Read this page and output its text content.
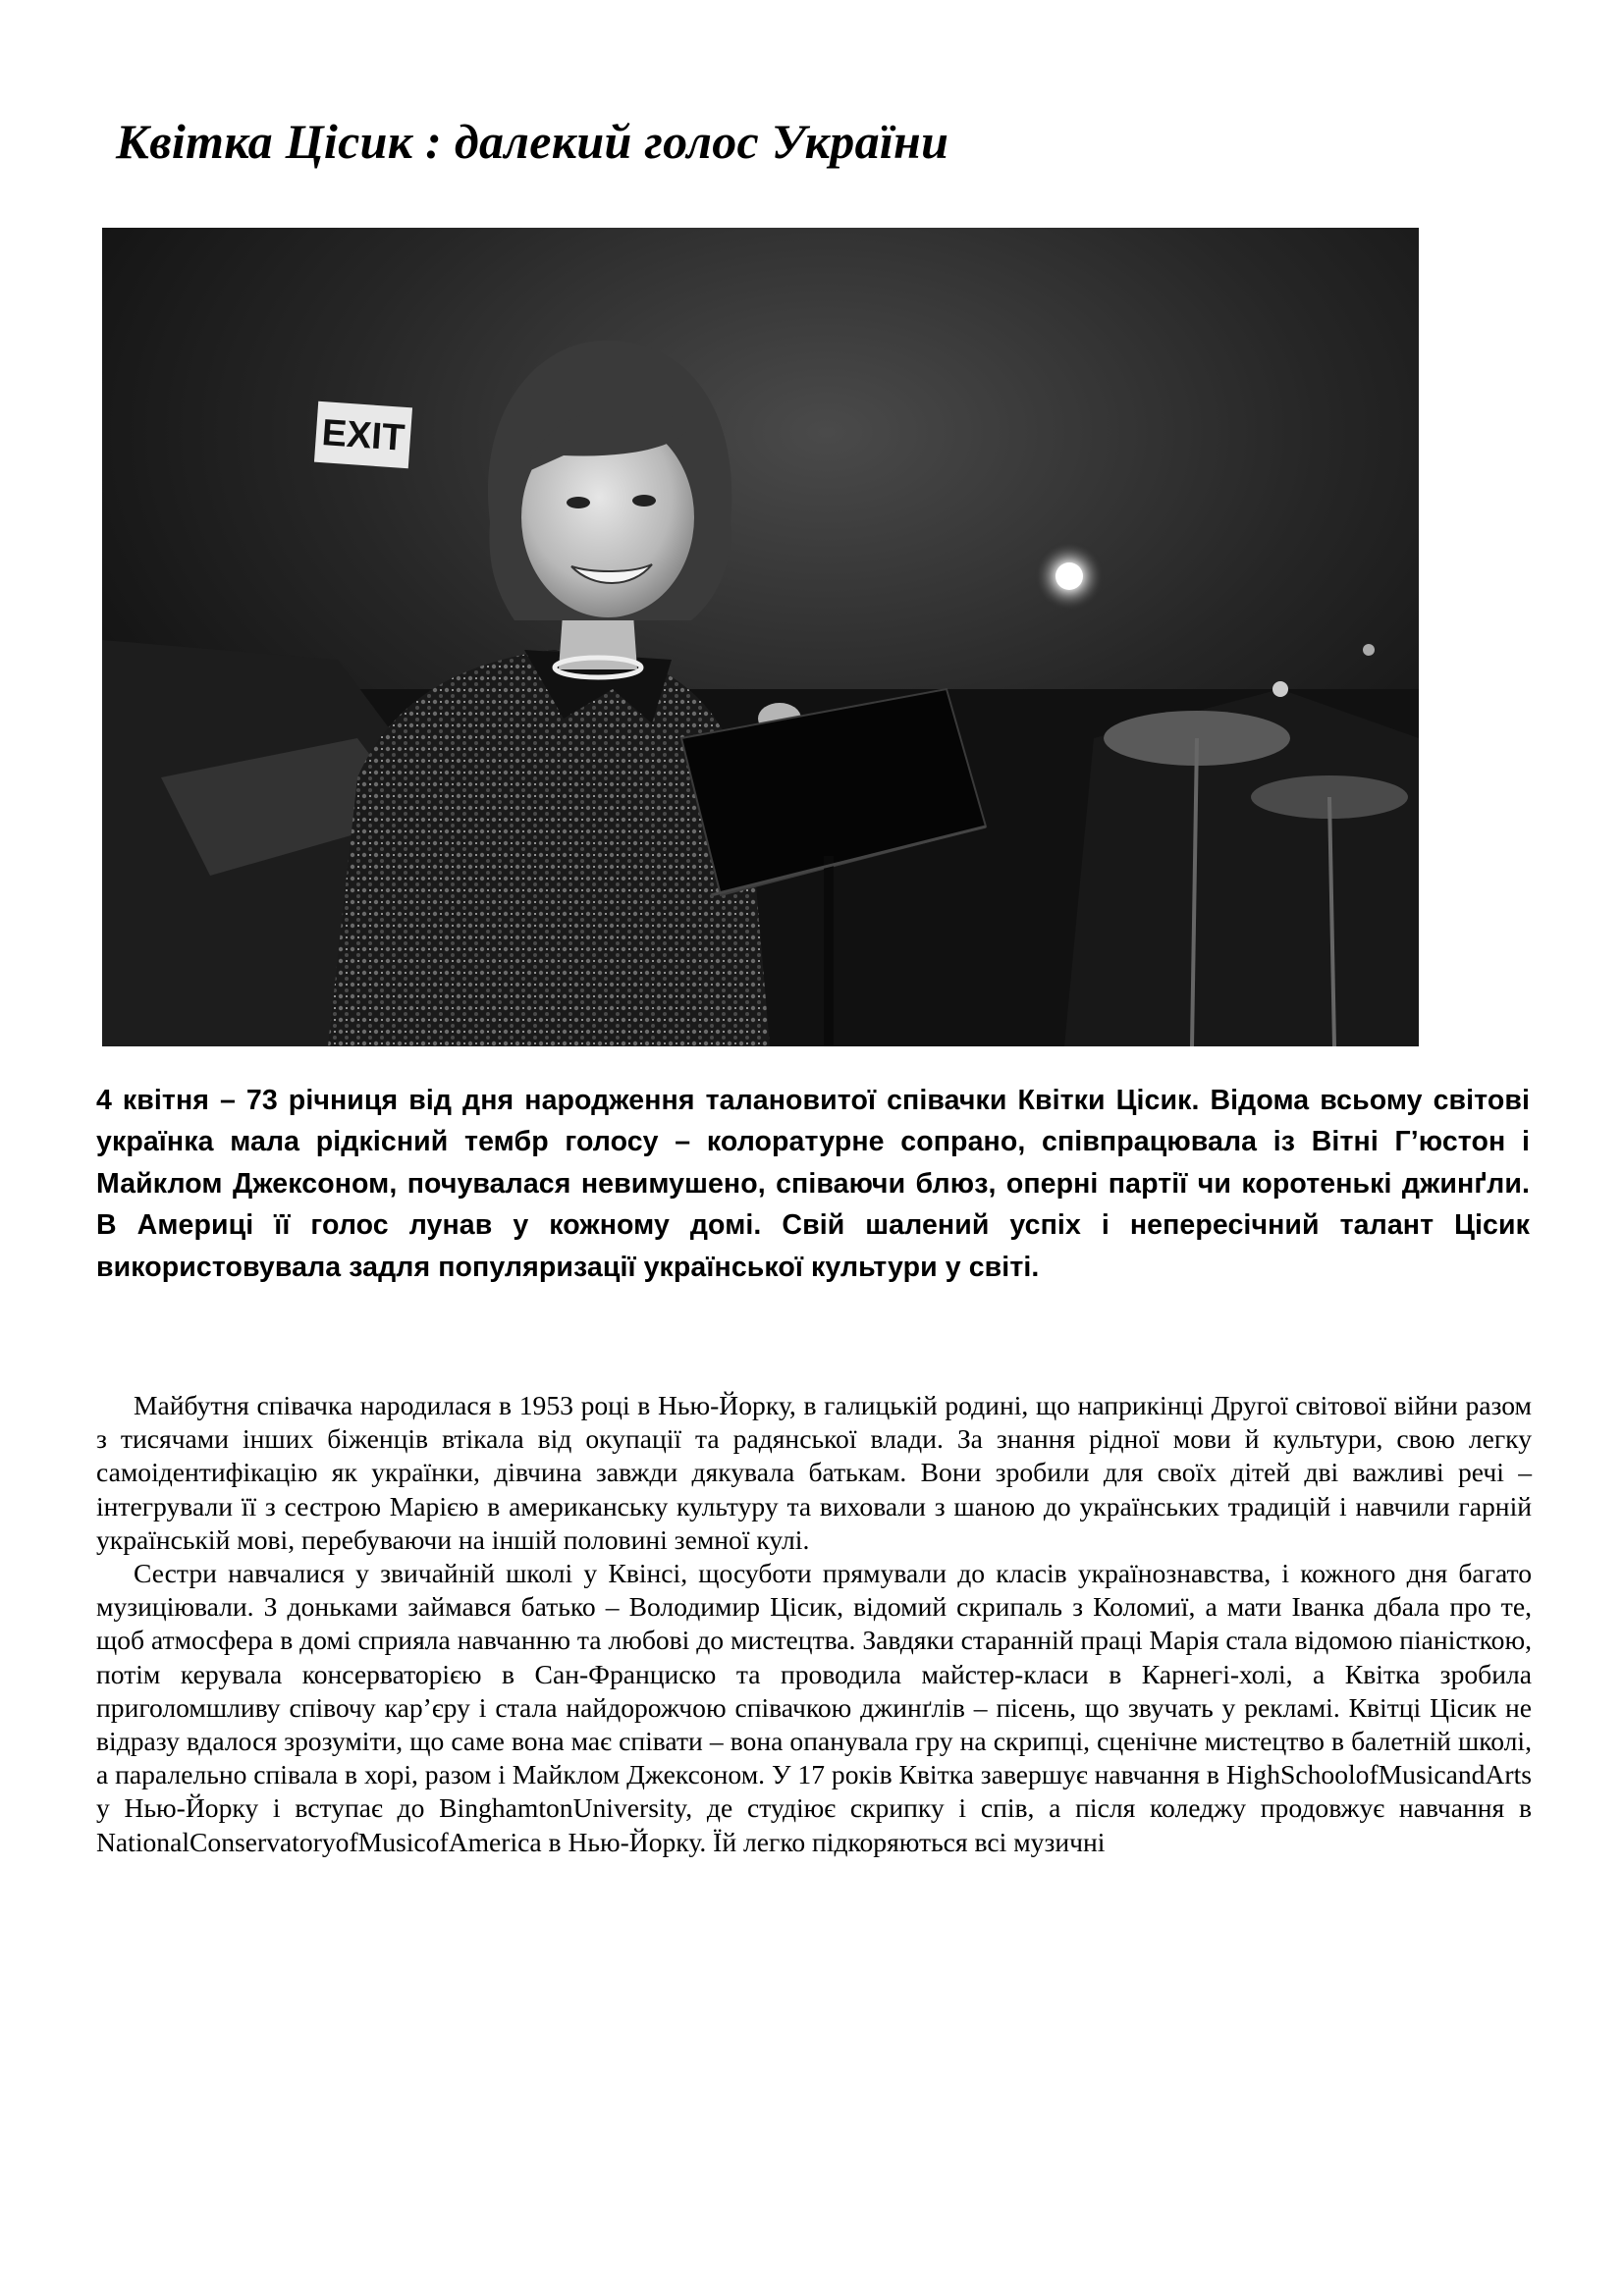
Квітка Цісик : далекий голос України
EXIT

4 квітня – 73 річниця від дня народження талановитої співачки Квітки Цісик. Відома всьому світові українка мала рідкісний тембр голосу – колоратурне сопрано, співпрацювала із Вітні Г’юстон і Майклом Джексоном, почувалася невимушено, співаючи блюз, оперні партії чи коротенькі джинґли. В Америці її голос лунав у кожному домі. Свій шалений успіх і непересічний талант Цісик використовувала задля популяризації української культури у світі.

Майбутня співачка народилася в 1953 році в Нью-Йорку, в галицькій родині, що наприкінці Другої світової війни разом з тисячами інших біженців втікала від окупації та радянської влади. За знання рідної мови й культури, свою легку самоідентифікацію як українки, дівчина завжди дякувала батькам. Вони зробили для своїх дітей дві важливі речі – інтегрували її з сестрою Марією в американську культуру та виховали з шаною до українських традицій і навчили гарній українській мові, перебуваючи на іншій половині земної кулі.

Сестри навчалися у звичайній школі у Квінсі, щосуботи прямували до класів українознавства, і кожного дня багато музиціювали. З доньками займався батько – Володимир Цісик, відомий скрипаль з Коломиї, а мати Іванка дбала про те, щоб атмосфера в домі сприяла навчанню та любові до мистецтва. Завдяки старанній праці Марія стала відомою піаністкою, потім керувала консерваторією в Сан-Франциско та проводила майстер-класи в Карнегі-холі, а Квітка зробила приголомшливу співочу кар’єру і стала найдорожчою співачкою джинґлів – пісень, що звучать у рекламі. Квітці Цісик не відразу вдалося зрозуміти, що саме вона має співати – вона опанувала гру на скрипці, сценічне мистецтво в балетній школі, а паралельно співала в хорі, разом і Майклом Джексоном. У 17 років Квітка завершує навчання в HighSchoolofMusicandArts у Нью-Йорку і вступає до BinghamtonUniversity, де студіює скрипку і спів, а після коледжу продовжує навчання в NationalConservatoryofMusicofAmerica в Нью-Йорку. Їй легко підкоряються всі музичні
